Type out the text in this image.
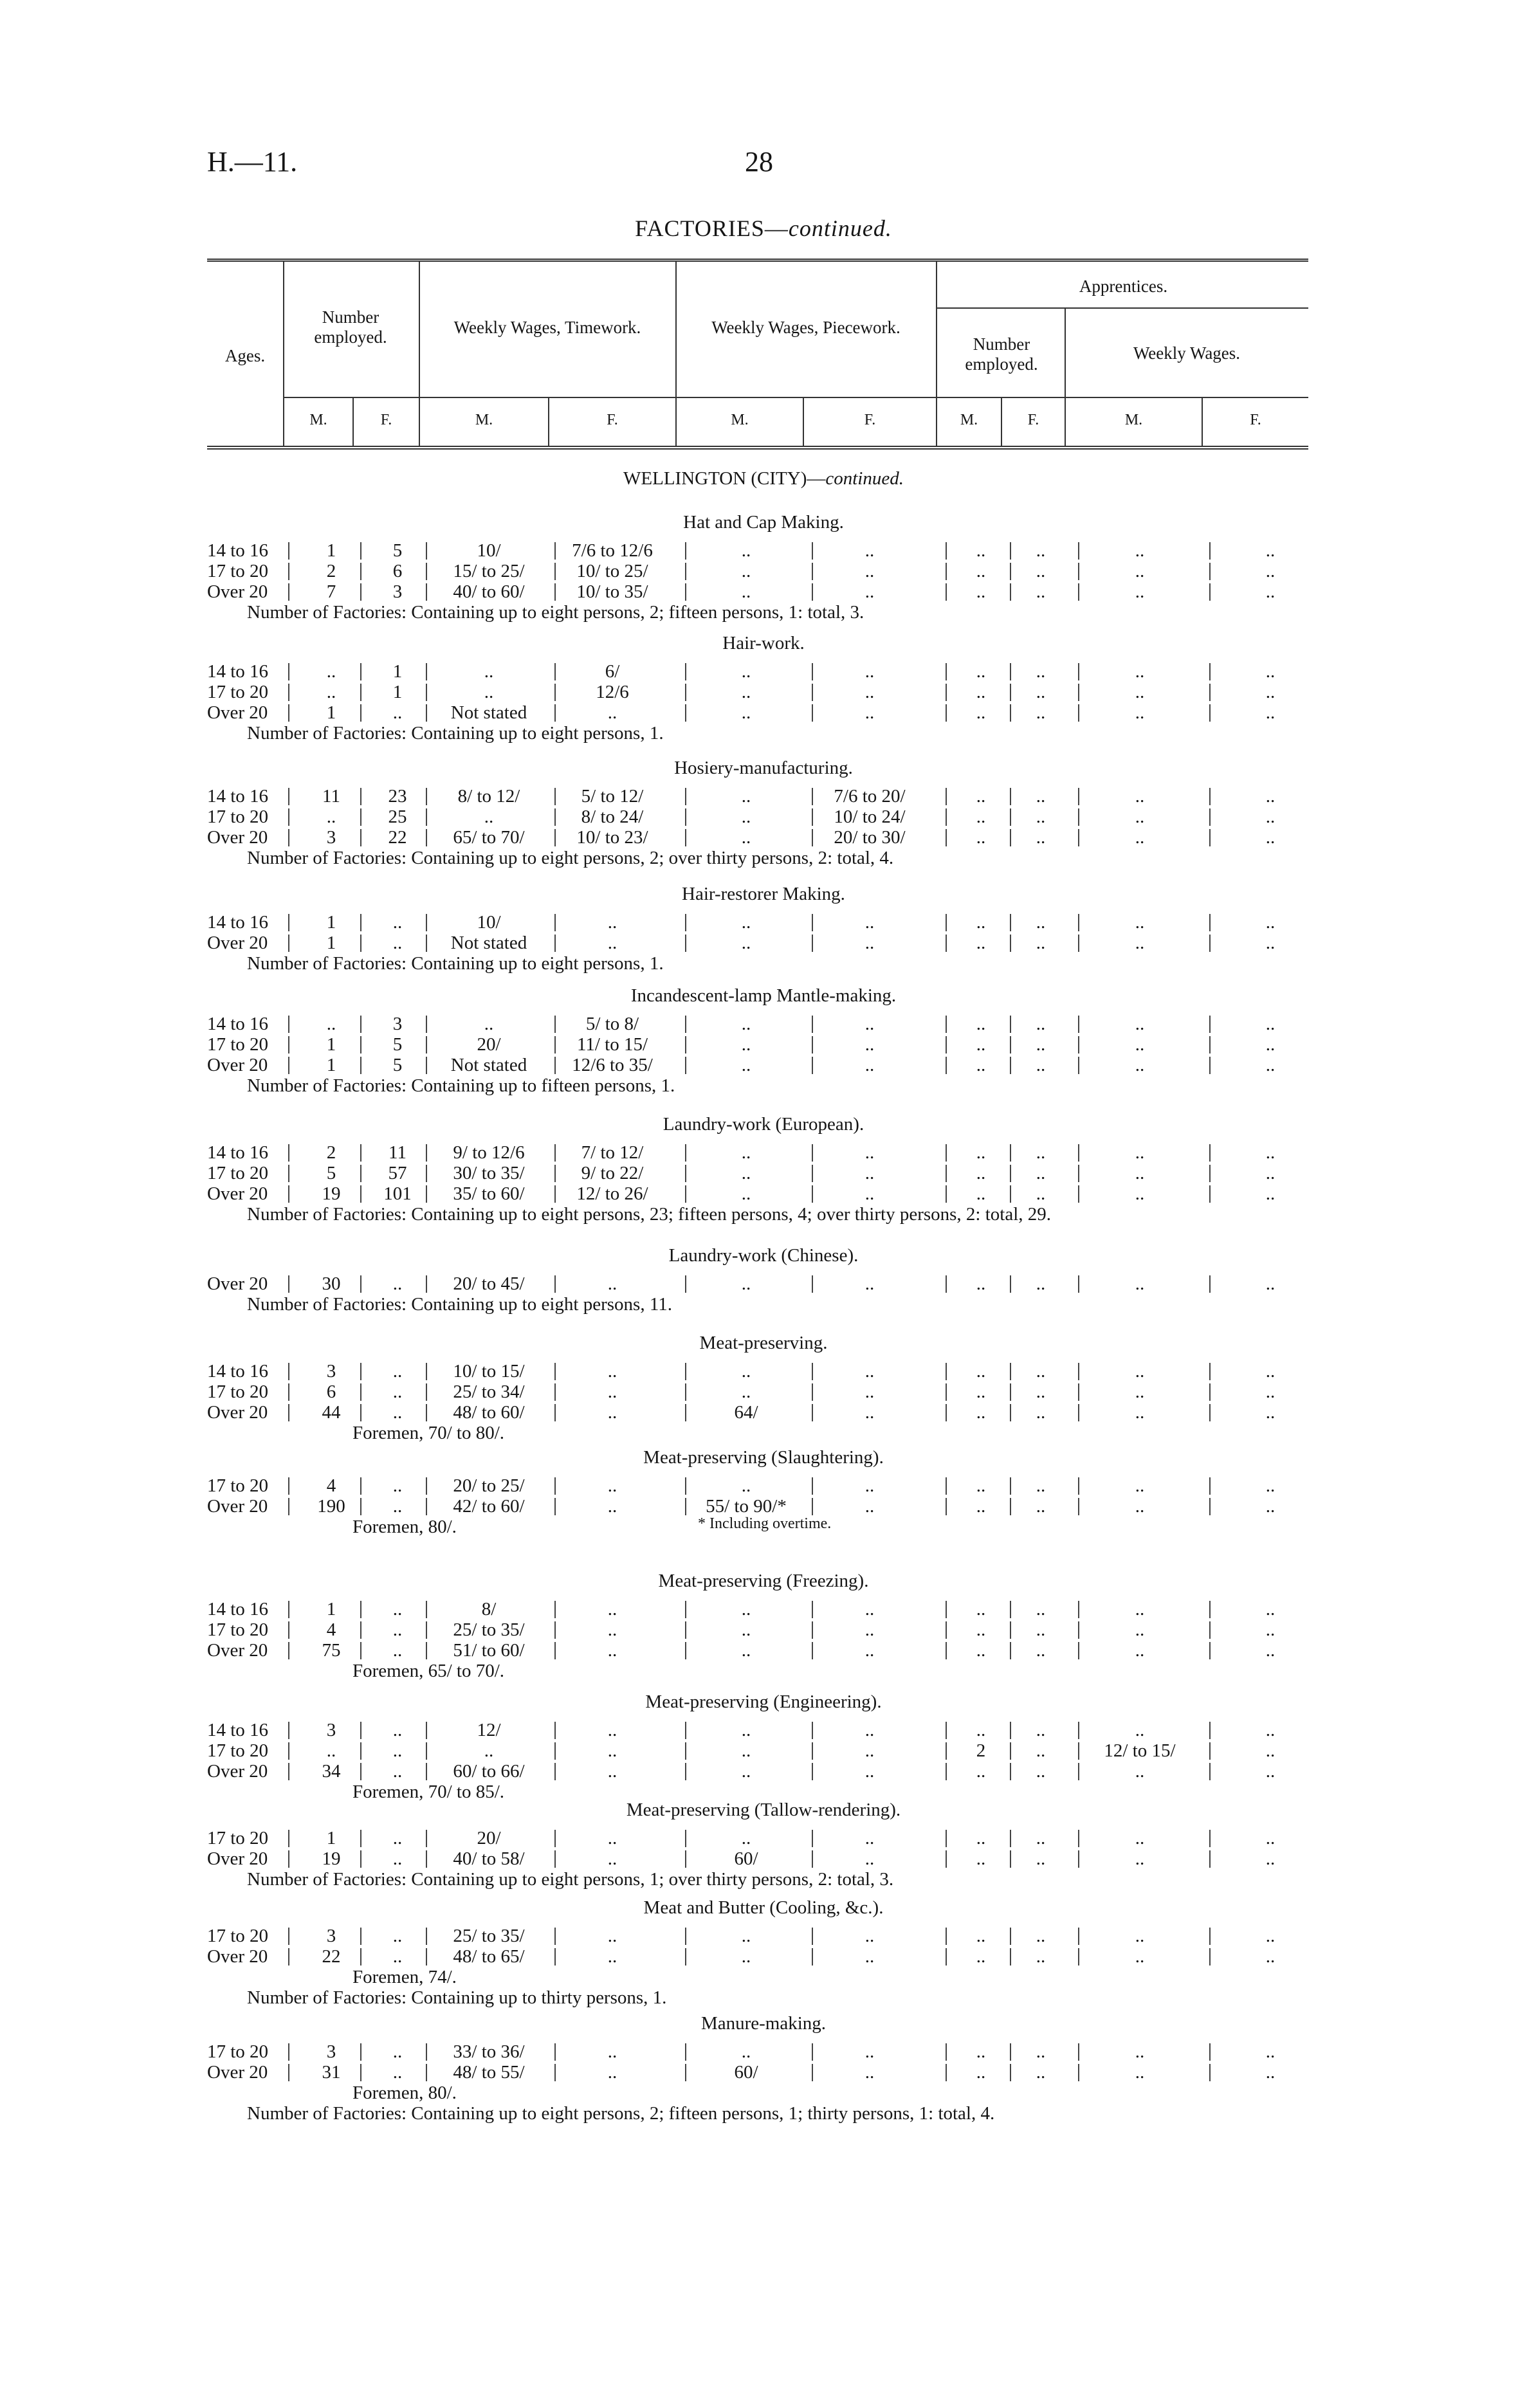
H.—11.	28
FACTORIES—continued.
Ages.
Number employed.	Weekly Wages, Timework.	Weekly Wages, Piecework.
Apprentices.
Number employed.
Weekly Wages.
M.	F.	M.	F.	M.	F.	M.	F.	M.	F.
WELLINGTON (CITY)—continued.
Hat and Cap Making.
14 to 16	1	5	10/	7/6 to 12/6	..	..	..	..	..	..
17 to 20	2	6	15/ to 25/	10/ to 25/	..	..	..	..	..	..
Over 20	7	3	40/ to 60/	10/ to 35/	..	..	..	..	..	..
Number of Factories: Containing up to eight persons, 2; fifteen persons, 1: total, 3.
Hair-work.
14 to 16	..	1	..	6/	..	..	..	..	..	..
17 to 20	..	1	..	12/6	..	..	..	..	..	..
Over 20	1	..	Not stated	..	..	..	..	..	..	..
Number of Factories: Containing up to eight persons, 1.
Hosiery-manufacturing.
14 to 16	11	23	8/ to 12/	5/ to 12/	..	7/6 to 20/	..	..	..	..
17 to 20	..	25	..	8/ to 24/	..	10/ to 24/	..	..	..	..
Over 20	3	22	65/ to 70/	10/ to 23/	..	20/ to 30/	..	..	..	..
Number of Factories: Containing up to eight persons, 2; over thirty persons, 2: total, 4.
Hair-restorer Making.
14 to 16	1	..	10/	..	..	..	..	..	..	..
Over 20	1	..	Not stated	..	..	..	..	..	..	..
Number of Factories: Containing up to eight persons, 1.
Incandescent-lamp Mantle-making.
14 to 16	..	3	..	5/ to 8/	..	..	..	..	..	..
17 to 20	1	5	20/	11/ to 15/	..	..	..	..	..	..
Over 20	1	5	Not stated	12/6 to 35/	..	..	..	..	..	..
Number of Factories: Containing up to fifteen persons, 1.
Laundry-work (European).
14 to 16	2	11	9/ to 12/6	7/ to 12/	..	..	..	..	..	..
17 to 20	5	57	30/ to 35/	9/ to 22/	..	..	..	..	..	..
Over 20	19	101	35/ to 60/	12/ to 26/	..	..	..	..	..	..
Number of Factories: Containing up to eight persons, 23; fifteen persons, 4; over thirty persons, 2: total, 29.
Laundry-work (Chinese).
Over 20	30	..	20/ to 45/	..	..	..	..	..	..	..
Number of Factories: Containing up to eight persons, 11.
Meat-preserving.
14 to 16	3	..	10/ to 15/	..	..	..	..	..	..	..
17 to 20	6	..	25/ to 34/	..	..	..	..	..	..	..
Over 20	44	..	48/ to 60/	..	64/	..	..	..	..	..
Foremen, 70/ to 80/.
Meat-preserving (Slaughtering).
17 to 20	4	..	20/ to 25/	..	..	..	..	..	..	..
Over 20	190	..	42/ to 60/	..	55/ to 90/*	..	..	..	..	..
* Including overtime.
Foremen, 80/.
Meat-preserving (Freezing).
14 to 16	1	..	8/	..	..	..	..	..	..	..
17 to 20	4	..	25/ to 35/	..	..	..	..	..	..	..
Over 20	75	..	51/ to 60/	..	..	..	..	..	..	..
Foremen, 65/ to 70/.
Meat-preserving (Engineering).
14 to 16	3	..	12/	..	..	..	..	..	..	..
17 to 20	..	..	..	..	..	..	2	..	12/ to 15/	..
Over 20	34	..	60/ to 66/	..	..	..	..	..	..	..
Foremen, 70/ to 85/.
Meat-preserving (Tallow-rendering).
17 to 20	1	..	20/	..	..	..	..	..	..	..
Over 20	19	..	40/ to 58/	..	60/	..	..	..	..	..
Number of Factories: Containing up to eight persons, 1; over thirty persons, 2: total, 3.
Meat and Butter (Cooling, &c.).
17 to 20	3	..	25/ to 35/	..	..	..	..	..	..	..
Over 20	22	..	48/ to 65/	..	..	..	..	..	..	..
Foremen, 74/.
Number of Factories: Containing up to thirty persons, 1.
Manure-making.
17 to 20	3	..	33/ to 36/	..	..	..	..	..	..	..
Over 20	31	..	48/ to 55/	..	60/	..	..	..	..	..
Foremen, 80/.
Number of Factories: Containing up to eight persons, 2; fifteen persons, 1; thirty persons, 1: total, 4.
